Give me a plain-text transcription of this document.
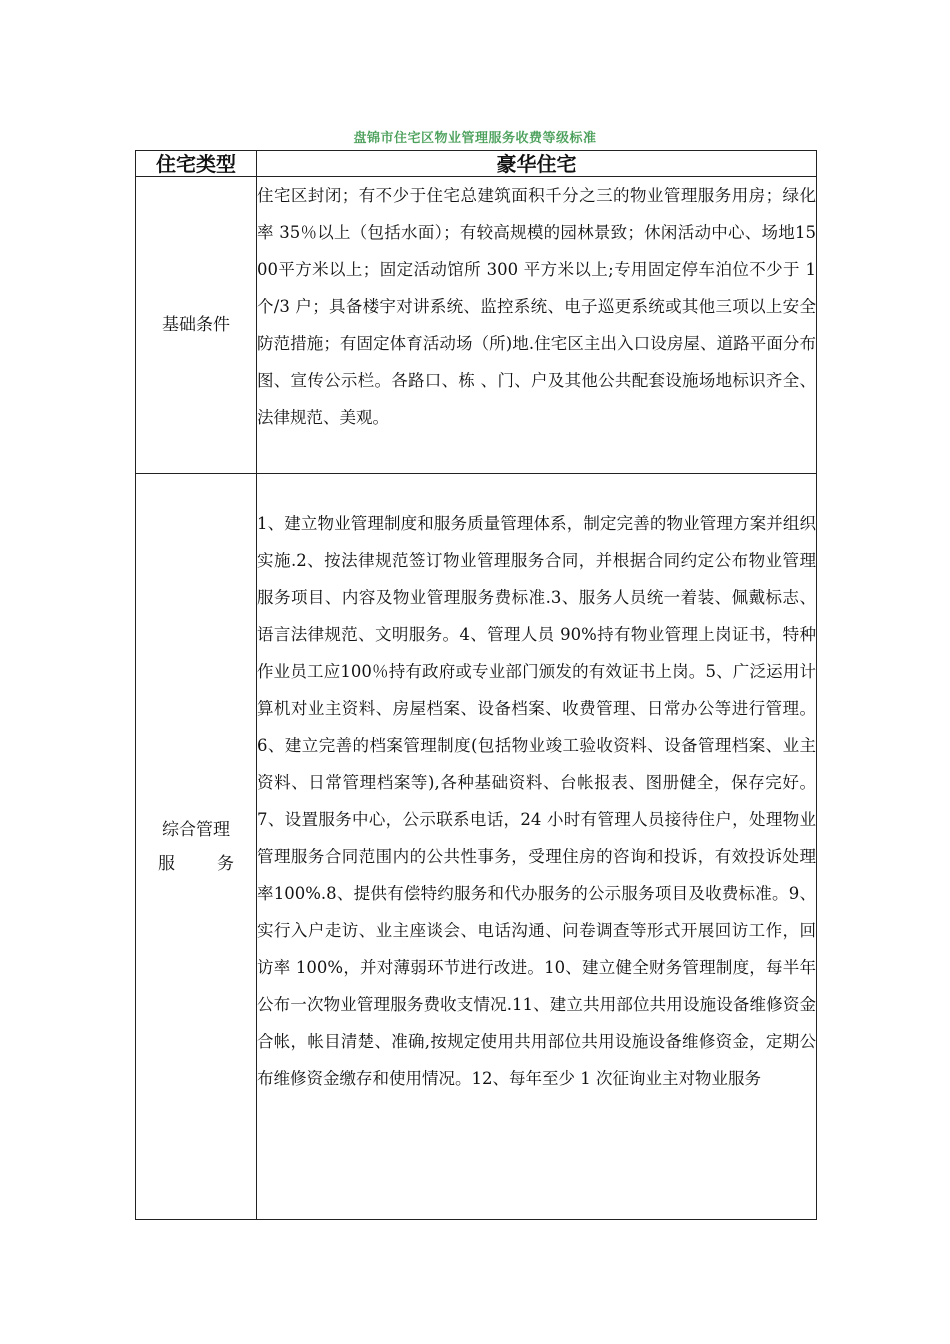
盘锦市住宅区物业管理服务收费等级标准
住宅类型	豪华住宅
基础条件	住宅区封闭；有不少于住宅总建筑面积千分之三的物业管理服务用房；绿化率 35％以上（包括水面）；有较高规模的园林景致；休闲活动中心、场地1500平方米以上；固定活动馆所 300 平方米以上;专用固定停车泊位不少于 1 个/3 户；具备楼宇对讲系统、监控系统、电子巡更系统或其他三项以上安全防范措施；有固定体育活动场（所)地.住宅区主出入口设房屋、道路平面分布图、宣传公示栏。各路口、栋 、门、户及其他公共配套设施场地标识齐全、法律规范、美观。

综合管理
服务	1、建立物业管理制度和服务质量管理体系，制定完善的物业管理方案并组织实施.2、按法律规范签订物业管理服务合同，并根据合同约定公布物业管理服务项目、内容及物业管理服务费标准.3、服务人员统一着装、佩戴标志、语言法律规范、文明服务。4、管理人员 90%持有物业管理上岗证书，特种作业员工应100％持有政府或专业部门颁发的有效证书上岗。5、广泛运用计算机对业主资料、房屋档案、设备档案、收费管理、日常办公等进行管理。6、建立完善的档案管理制度(包括物业竣工验收资料、设备管理档案、业主资料、日常管理档案等),各种基础资料、台帐报表、图册健全，保存完好。7、设置服务中心，公示联系电话，24 小时有管理人员接待住户，处理物业管理服务合同范围内的公共性事务，受理住房的咨询和投诉，有效投诉处理率100%.8、提供有偿特约服务和代办服务的公示服务项目及收费标准。9、实行入户走访、业主座谈会、电话沟通、问卷调查等形式开展回访工作，回访率 100%，并对薄弱环节进行改进。10、建立健全财务管理制度，每半年公布一次物业管理服务费收支情况.11、建立共用部位共用设施设备维修资金合帐，帐目清楚、准确,按规定使用共用部位共用设施设备维修资金，定期公布维修资金缴存和使用情况。12、每年至少 1 次征询业主对物业服务
